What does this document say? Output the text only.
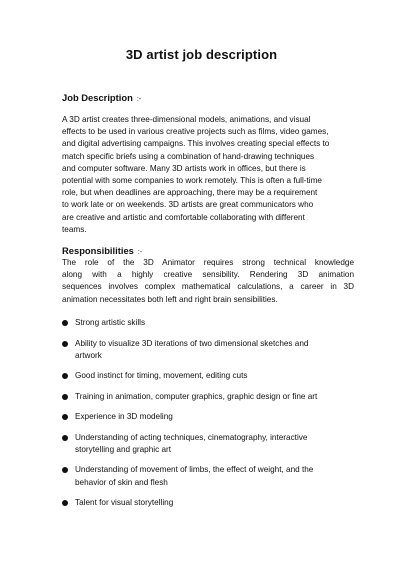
3D artist job description
Job Description :-
A 3D artist creates three-dimensional models, animations, and visual
effects to be used in various creative projects such as films, video games,
and digital advertising campaigns. This involves creating special effects to
match specific briefs using a combination of hand-drawing techniques
and computer software. Many 3D artists work in offices, but there is
potential with some companies to work remotely. This is often a full-time
role, but when deadlines are approaching, there may be a requirement
to work late or on weekends. 3D artists are great communicators who
are creative and artistic and comfortable collaborating with different
teams.
Responsibilities :-
The role of the 3D Animator requires strong technical knowledge
along with a highly creative sensibility. Rendering 3D animation
sequences involves complex mathematical calculations, a career in 3D
animation necessitates both left and right brain sensibilities.
Strong artistic skills
Ability to visualize 3D iterations of two dimensional sketches and
artwork
Good instinct for timing, movement, editing cuts
Training in animation, computer graphics, graphic design or fine art
Experience in 3D modeling
Understanding of acting techniques, cinematography, interactive
storytelling and graphic art
Understanding of movement of limbs, the effect of weight, and the
behavior of skin and flesh
Talent for visual storytelling
